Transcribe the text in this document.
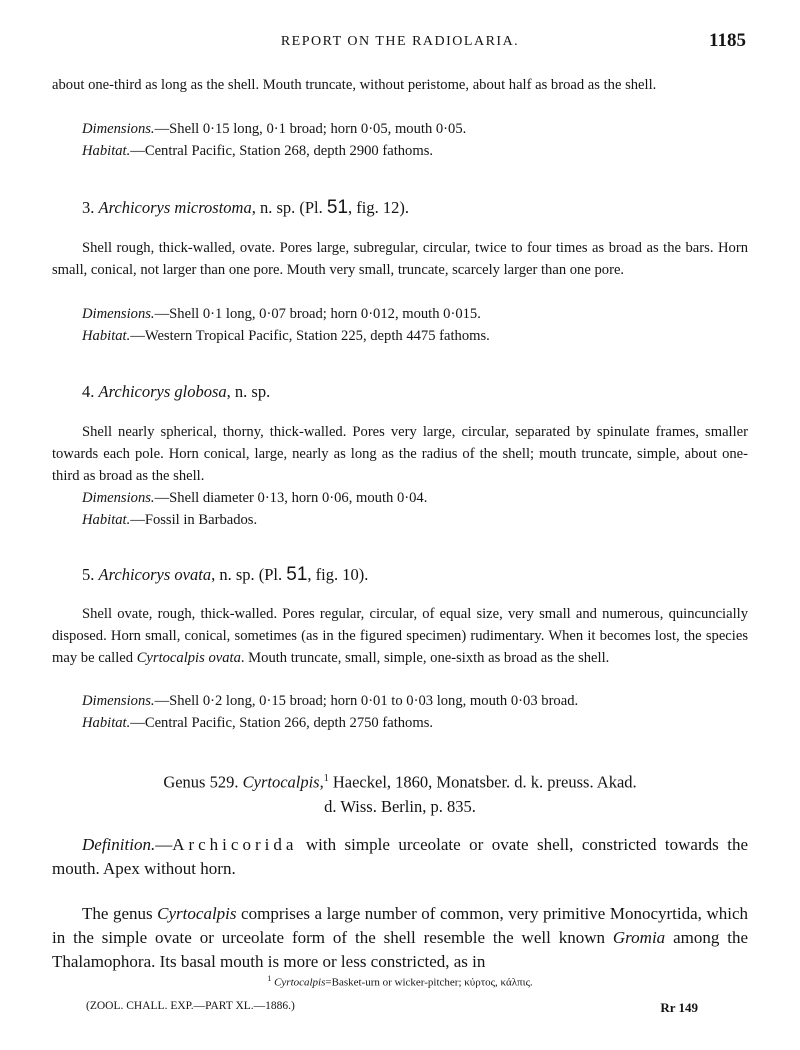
REPORT ON THE RADIOLARIA.	1185

about one-third as long as the shell. Mouth truncate, without peristome, about half as broad as the shell.

Dimensions.—Shell 0·15 long, 0·1 broad; horn 0·05, mouth 0·05.

Habitat.—Central Pacific, Station 268, depth 2900 fathoms.

3. Archicorys microstoma, n. sp. (Pl. 51, fig. 12).

Shell rough, thick-walled, ovate. Pores large, subregular, circular, twice to four times as broad as the bars. Horn small, conical, not larger than one pore. Mouth very small, truncate, scarcely larger than one pore.

Dimensions.—Shell 0·1 long, 0·07 broad; horn 0·012, mouth 0·015.

Habitat.—Western Tropical Pacific, Station 225, depth 4475 fathoms.

4. Archicorys globosa, n. sp.

Shell nearly spherical, thorny, thick-walled. Pores very large, circular, separated by spinulate frames, smaller towards each pole. Horn conical, large, nearly as long as the radius of the shell; mouth truncate, simple, about one-third as broad as the shell.

Dimensions.—Shell diameter 0·13, horn 0·06, mouth 0·04.

Habitat.—Fossil in Barbados.

5. Archicorys ovata, n. sp. (Pl. 51, fig. 10).

Shell ovate, rough, thick-walled. Pores regular, circular, of equal size, very small and numerous, quincuncially disposed. Horn small, conical, sometimes (as in the figured specimen) rudimentary. When it becomes lost, the species may be called Cyrtocalpis ovata. Mouth truncate, small, simple, one-sixth as broad as the shell.

Dimensions.—Shell 0·2 long, 0·15 broad; horn 0·01 to 0·03 long, mouth 0·03 broad.

Habitat.—Central Pacific, Station 266, depth 2750 fathoms.

Genus 529. Cyrtocalpis,$^1$ Haeckel, 1860, Monatsber. d. k. preuss. Akad.

d. Wiss. Berlin, p. 835.

Definition.—Archicorida with simple urceolate or ovate shell, constricted towards the mouth. Apex without horn.

The genus Cyrtocalpis comprises a large number of common, very primitive Monocyrtida, which in the simple ovate or urceolate form of the shell resemble the well known Gromia among the Thalamophora. Its basal mouth is more or less constricted, as in

$^1$ Cyrtocalpis=Basket-urn or wicker-pitcher; κύρτος, κάλπις.
(ZOOL. CHALL. EXP.—PART XL.—1886.)	Rr 149
